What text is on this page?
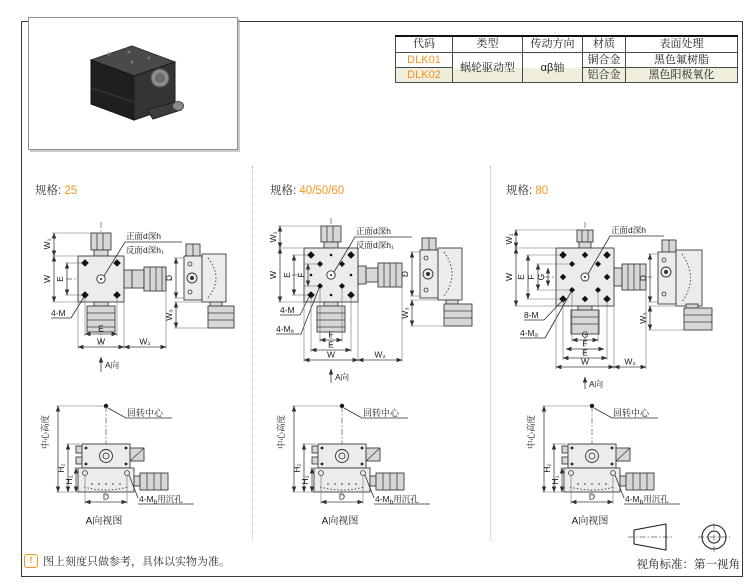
代码	类型	传动方向	材质	表面处理
DLK01	蜗轮驱动型	αβ轴	铜合金	黑色氟树脂
DLK02			铝合金	黑色阳极氧化
规格: 25	规格: 40/50/60	规格: 80
正面d深h
反面d深h₁
W₁
W E
4-M
E
W	W₂
A向
D
W₃
正面d深h
反面d深h₁
W₁
W E F
4-M
4-Mₐ
F
E
W	W₂
A向
D
W₃
正面d深h
W₁
W E F G
8-M
4-Mₐ	G
F
E
W	W₂
A向
D
W₃
回转中心
中心高度
H₂
H₁
D	$4-M_b$用沉孔
A向视图
回转中心
中心高度
H₂
H₁
D	$4-M_b$用沉孔
A向视图
回转中心
中心高度
H₂
H₁
D	$4-M_b$用沉孔
A向视图
视角标准：第一视角
! 图上刻度只做参考，具体以实物为准。
